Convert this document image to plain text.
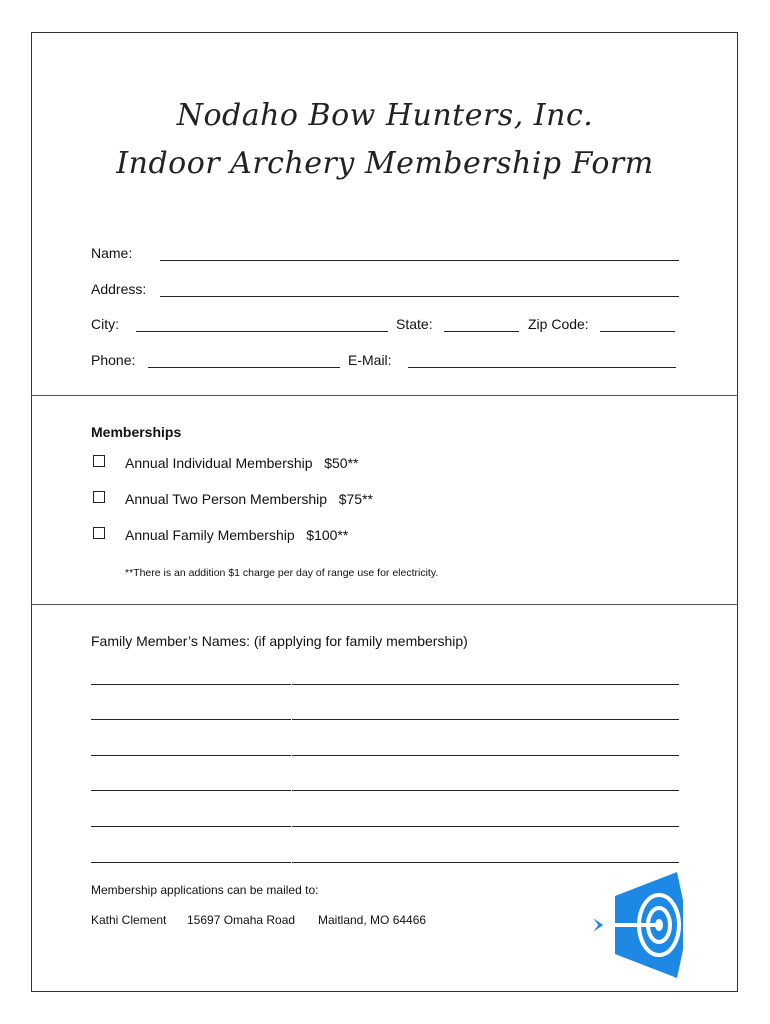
Nodaho Bow Hunters, Inc.
Indoor Archery Membership Form
Name:
Address:
City:	State:	Zip Code:
Phone:	E-Mail:
Memberships
Annual Individual Membership   $50**
Annual Two Person Membership   $75**
Annual Family Membership   $100**
**There is an addition $1 charge per day of range use for electricity.
Family Member’s Names: (if applying for family membership)
Membership applications can be mailed to:
Kathi Clement 15697 Omaha Road Maitland, MO 64466
